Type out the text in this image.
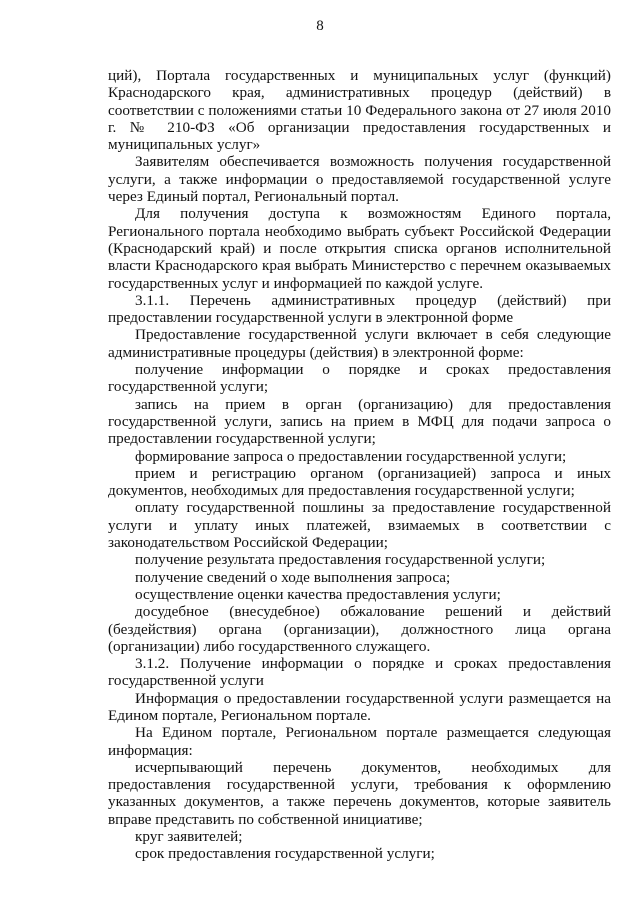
8

ций), Портала государственных и муниципальных услуг (функций) Краснодарского края, административных процедур (действий) в соответствии с положениями статьи 10 Федерального закона от 27 июля 2010 г. № 210-ФЗ «Об организации предоставления государственных и муниципальных услуг»

Заявителям обеспечивается возможность получения государственной услуги, а также информации о предоставляемой государственной услуге через Единый портал, Региональный портал.

Для получения доступа к возможностям Единого портала, Регионального портала необходимо выбрать субъект Российской Федерации (Краснодарский край) и после открытия списка органов исполнительной власти Краснодарского края выбрать Министерство с перечнем оказываемых государственных услуг и информацией по каждой услуге.

3.1.1. Перечень административных процедур (действий) при предоставлении государственной услуги в электронной форме

Предоставление государственной услуги включает в себя следующие административные процедуры (действия) в электронной форме:

получение информации о порядке и сроках предоставления государственной услуги;

запись на прием в орган (организацию) для предоставления государственной услуги, запись на прием в МФЦ для подачи запроса о предоставлении государственной услуги;

формирование запроса о предоставлении государственной услуги;

прием и регистрацию органом (организацией) запроса и иных документов, необходимых для предоставления государственной услуги;

оплату государственной пошлины за предоставление государственной услуги и уплату иных платежей, взимаемых в соответствии с законодательством Российской Федерации;

получение результата предоставления государственной услуги;

получение сведений о ходе выполнения запроса;

осуществление оценки качества предоставления услуги;

досудебное (внесудебное) обжалование решений и действий (бездействия) органа (организации), должностного лица органа (организации) либо государственного служащего.

3.1.2. Получение информации о порядке и сроках предоставления государственной услуги

Информация о предоставлении государственной услуги размещается на Едином портале, Региональном портале.

На Едином портале, Региональном портале размещается следующая информация:

исчерпывающий перечень документов, необходимых для предоставления государственной услуги, требования к оформлению указанных документов, а также перечень документов, которые заявитель вправе представить по собственной инициативе;

круг заявителей;

срок предоставления государственной услуги;
